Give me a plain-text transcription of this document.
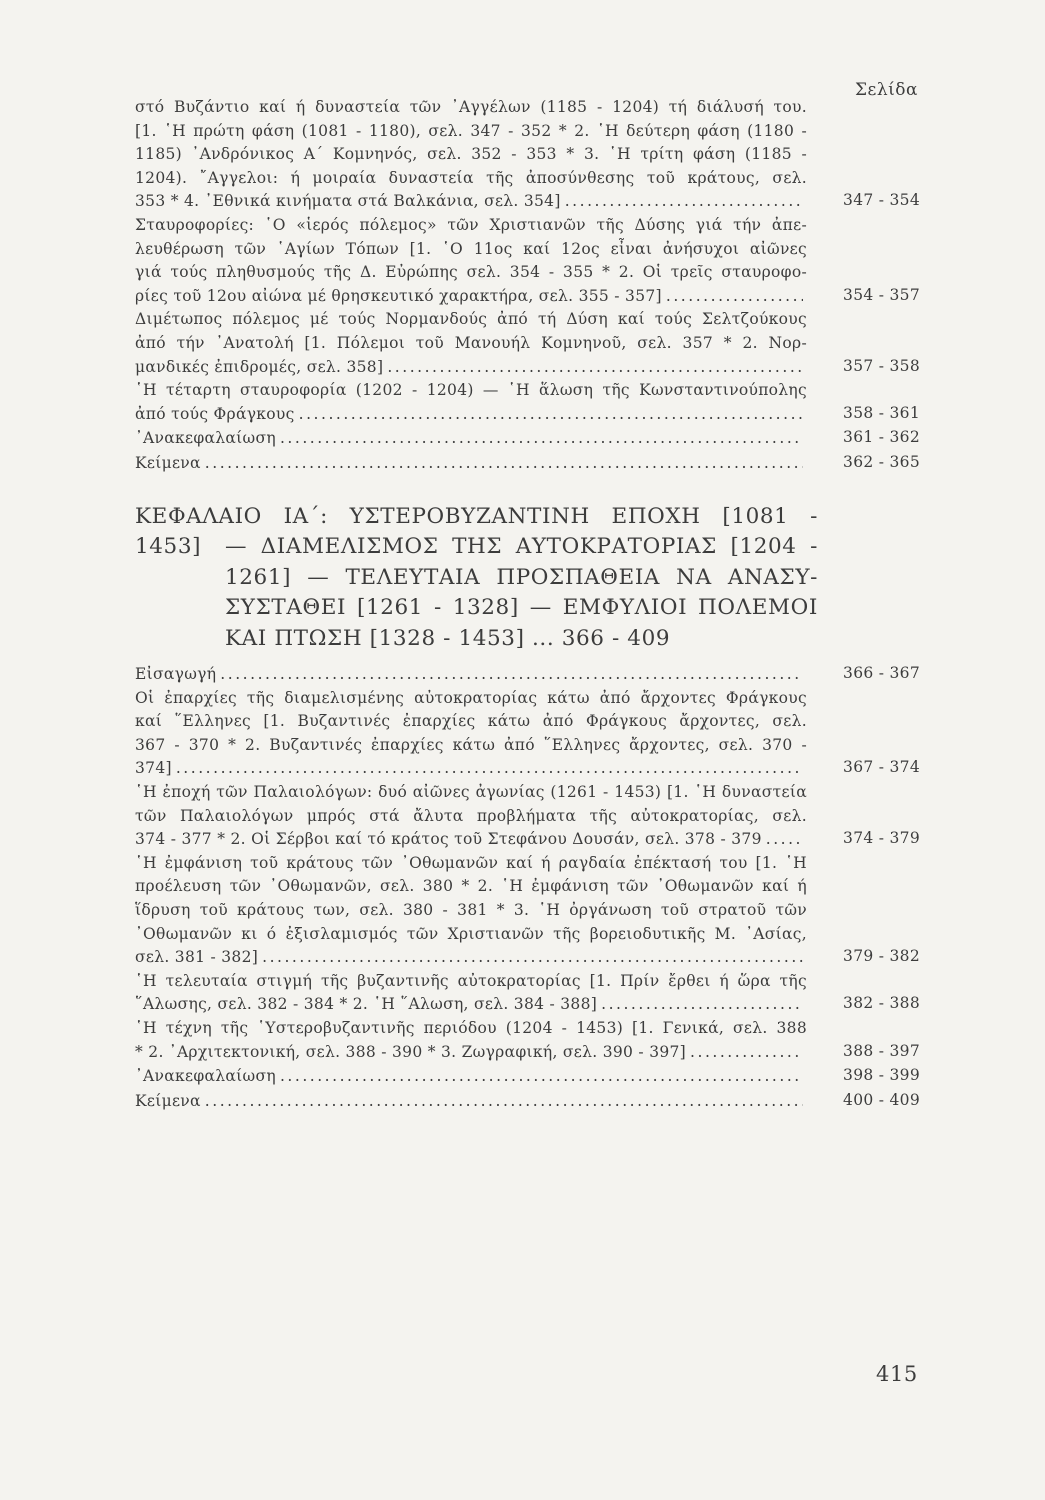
Σελίδα
στό Βυζάντιο καί ή δυναστεία τῶν ᾿Αγγέλων (1185 - 1204) τή διάλυσή του.
[1. ῾Η πρώτη φάση (1081 - 1180), σελ. 347 - 352 * 2. ῾Η δεύτερη φάση (1180 -
1185) ᾿Ανδρόνικος Α΄ Κομνηνός, σελ. 352 - 353 * 3. ῾Η τρίτη φάση (1185 -
1204). ῎Αγγελοι: ή μοιραία δυναστεία τῆς ἀποσύνθεσης τοῦ κράτους, σελ.
353 * 4. ᾿Εθνικά κινήματα στά Βαλκάνια, σελ. 354] . . .	347 - 354
Σταυροφορίες: ῾Ο «ἱερός πόλεμος» τῶν Χριστιανῶν τῆς Δύσης γιά τήν ἀπε-
λευθέρωση τῶν ῾Αγίων Τόπων [1. ῾Ο 11ος καί 12ος εἶναι ἀνήσυχοι αἰῶνες
γιά τούς πληθυσμούς τῆς Δ. Εὐρώπης σελ. 354 - 355 * 2. Οἱ τρεῖς σταυροφο-
ρίες τοῦ 12ου αἰώνα μέ θρησκευτικό χαρακτήρα, σελ. 355 - 357] . . .	354 - 357
Διμέτωπος πόλεμος μέ τούς Νορμανδούς ἀπό τή Δύση καί τούς Σελτζούκους
ἀπό τήν ᾿Ανατολή [1. Πόλεμοι τοῦ Μανουήλ Κομνηνοῦ, σελ. 357 * 2. Νορ-
μανδικές ἐπιδρομές, σελ. 358] . . .	357 - 358
῾Η τέταρτη σταυροφορία (1202 - 1204) — ῾Η ἅλωση τῆς Κωνσταντινούπολης
ἀπό τούς Φράγκους . . .	358 - 361
᾿Ανακεφαλαίωση . . .	361 - 362
Κείμενα . . .	362 - 365
ΚΕΦΑΛΑΙΟ ΙΑ΄: ΥΣΤΕΡΟΒΥΖΑΝΤΙΝΗ ΕΠΟΧΗ [1081 - 1453]	— ΔΙΑΜΕΛΙΣΜΟΣ ΤΗΣ ΑΥΤΟΚΡΑΤΟΡΙΑΣ [1204 -
1261] — ΤΕΛΕΥΤΑΙΑ ΠΡΟΣΠΑΘΕΙΑ ΝΑ ΑΝΑΣΥ-
ΣΥΣΤΑΘΕΙ [1261 - 1328] — ΕΜΦΥΛΙΟΙ ΠΟΛΕΜΟΙ
ΚΑΙ ΠΤΩΣΗ [1328 - 1453] ... 366 - 409
Εἰσαγωγή . . .	366 - 367
Οἱ ἐπαρχίες τῆς διαμελισμένης αὐτοκρατορίας κάτω ἀπό ἄρχοντες Φράγκους
καί ῞Ελληνες [1. Βυζαντινές ἐπαρχίες κάτω ἀπό Φράγκους ἄρχοντες, σελ.
367 - 370 * 2. Βυζαντινές ἐπαρχίες κάτω ἀπό ῞Ελληνες ἄρχοντες, σελ. 370 -
374] . . .	367 - 374
῾Η ἐποχή τῶν Παλαιολόγων: δυό αἰῶνες ἀγωνίας (1261 - 1453) [1. ῾Η δυναστεία
τῶν Παλαιολόγων μπρός στά ἄλυτα προβλήματα τῆς αὐτοκρατορίας, σελ.
374 - 377 * 2. Οἱ Σέρβοι καί τό κράτος τοῦ Στεφάνου Δουσάν, σελ. 378 - 379 . . .	374 - 379
῾Η ἐμφάνιση τοῦ κράτους τῶν ᾿Οθωμανῶν καί ή ραγδαία ἐπέκτασή του [1. ῾Η
προέλευση τῶν ᾿Οθωμανῶν, σελ. 380 * 2. ῾Η ἐμφάνιση τῶν ᾿Οθωμανῶν καί ή
ἵδρυση τοῦ κράτους των, σελ. 380 - 381 * 3. ῾Η ὀργάνωση τοῦ στρατοῦ τῶν
᾿Οθωμανῶν κι ό ἐξισλαμισμός τῶν Χριστιανῶν τῆς βορειοδυτικῆς Μ. ᾿Ασίας,
σελ. 381 - 382] . . .	379 - 382
῾Η τελευταία στιγμή τῆς βυζαντινῆς αὐτοκρατορίας [1. Πρίν ἔρθει ή ὥρα τῆς
῞Αλωσης, σελ. 382 - 384 * 2. ῾Η ῞Αλωση, σελ. 384 - 388] . . .	382 - 388
῾Η τέχνη τῆς ῾Υστεροβυζαντινῆς περιόδου (1204 - 1453) [1. Γενικά, σελ. 388
* 2. ᾿Αρχιτεκτονική, σελ. 388 - 390 * 3. Ζωγραφική, σελ. 390 - 397] . . .	388 - 397
᾿Ανακεφαλαίωση . . .	398 - 399
Κείμενα . . .	400 - 409
415
